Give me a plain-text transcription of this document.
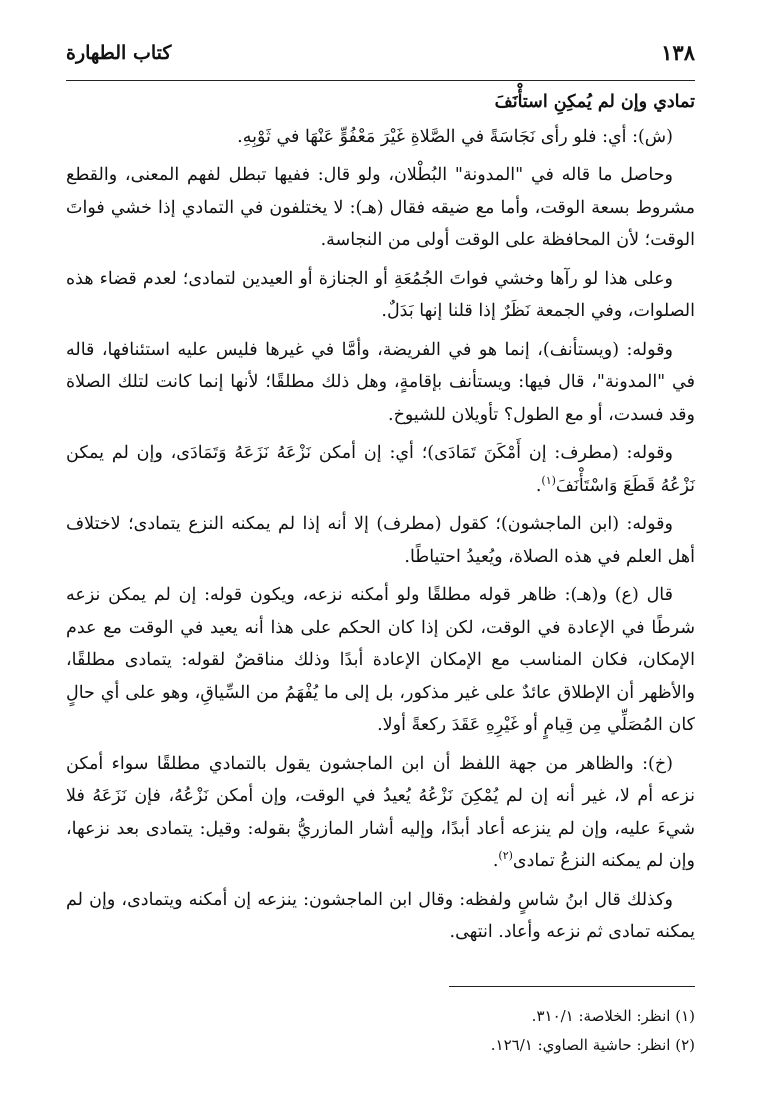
١٣٨
كتاب الطهارة

تمادي وإن لم يُمكِنِ استأْنَفَ

(ش): أي: فلو رأى نَجَاسَةً في الصَّلاةِ غَيْرَ مَعْفُوٍّ عَنْهَا في ثَوْبِهِ.

وحاصل ما قاله في "المدونة" البُطْلان، ولو قال: ففيها تبطل لفهم المعنى، والقطع مشروط بسعة الوقت، وأما مع ضيقه فقال (هـ): لا يختلفون في التمادي إذا خشي فواتَ الوقت؛ لأن المحافظة على الوقت أولى من النجاسة.

وعلى هذا لو رآها وخشي فواتَ الجُمُعَةِ أو الجنازة أو العيدين لتمادى؛ لعدم قضاء هذه الصلوات، وفي الجمعة نَظَرٌ إذا قلنا إنها بَدَلٌ.

وقوله: (ويستأنف)، إنما هو في الفريضة، وأمَّا في غيرها فليس عليه استئنافها، قاله في "المدونة"، قال فيها: ويستأنف بإقامةٍ، وهل ذلك مطلقًا؛ لأنها إنما كانت لتلك الصلاة وقد فسدت، أو مع الطول؟ تأويلان للشيوخ.

وقوله: (مطرف: إن أَمْكَنَ تَمَادَى)؛ أي: إن أمكن نَزْعَهُ نَزَعَهُ وَتَمَادَى، وإن لم يمكن نَزْعُهُ قَطَعَ وَاسْتَأْنَفَ$^{(١)}$.

وقوله: (ابن الماجشون)؛ كقول (مطرف) إلا أنه إذا لم يمكنه النزع يتمادى؛ لاختلاف أهل العلم في هذه الصلاة، ويُعيدُ احتياطًا.

قال (ع) و(هـ): ظاهر قوله مطلقًا ولو أمكنه نزعه، ويكون قوله: إن لم يمكن نزعه شرطًا في الإعادة في الوقت، لكن إذا كان الحكم على هذا أنه يعيد في الوقت مع عدم الإمكان، فكان المناسب مع الإمكان الإعادة أبدًا وذلك مناقضٌ لقوله: يتمادى مطلقًا، والأظهر أن الإطلاق عائدٌ على غير مذكور، بل إلى ما يُفْهَمُ من السِّياقِ، وهو على أي حالٍ كان المُصَلِّي مِن قِيامٍ أو غَيْرِهِ عَقَدَ ركعةً أولا.

(خ): والظاهر من جهة اللفظ أن ابن الماجشون يقول بالتمادي مطلقًا سواء أمكن نزعه أم لا، غير أنه إن لم يُمْكِنَ نَزْعُهُ يُعيدُ في الوقت، وإن أمكن نَزْعُهُ، فإن نَزَعَهُ فلا شيءَ عليه، وإن لم ينزعه أعاد أبدًا، وإليه أشار المازريُّ بقوله: وقيل: يتمادى بعد نزعها، وإن لم يمكنه النزعُ تمادى$^{(٢)}$.

وكذلك قال ابنُ شاسٍ ولفظه: وقال ابن الماجشون: ينزعه إن أمكنه ويتمادى، وإن لم يمكنه تمادى ثم نزعه وأعاد. انتهى.

(١) انظر: الخلاصة: ٣١٠/١.

(٢) انظر: حاشية الصاوي: ١٢٦/١.
